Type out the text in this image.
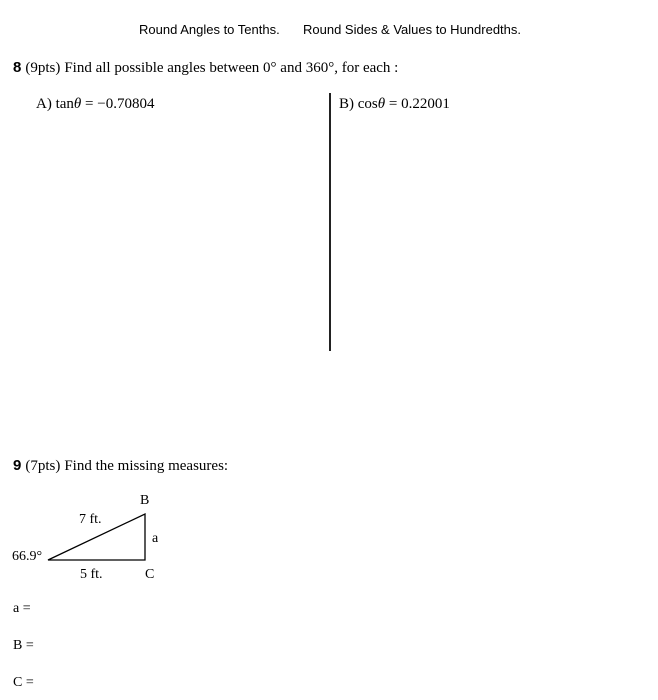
Round Angles to Tenths. Round Sides & Values to Hundredths.
8 (9pts) Find all possible angles between 0° and 360°, for each :
A) tanθ = −0.70804	B) cosθ = 0.22001
9 (7pts) Find the missing measures:
B
7 ft.
a
66.9°
5 ft.	C
a =
B =
C =
